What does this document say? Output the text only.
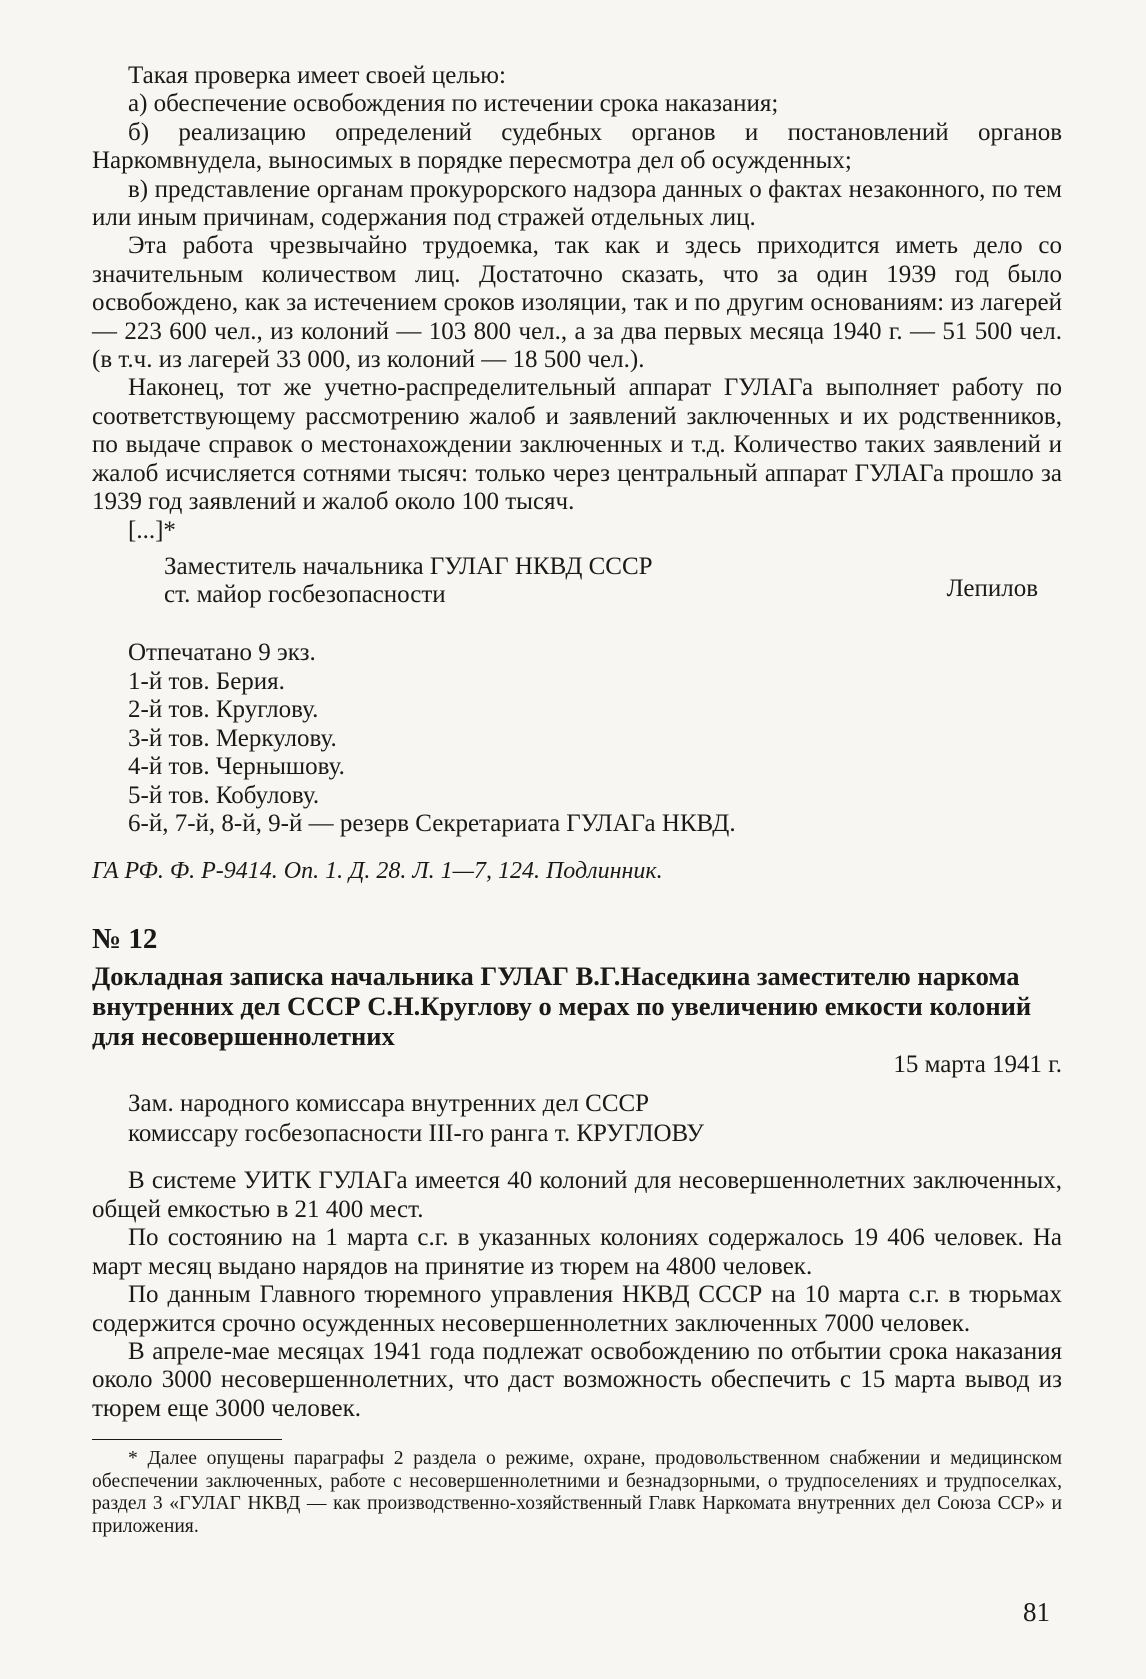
Такая проверка имеет своей целью:

а) обеспечение освобождения по истечении срока наказания;

б) реализацию определений судебных органов и постановлений органов Наркомвнудела, выносимых в порядке пересмотра дел об осужденных;

в) представление органам прокурорского надзора данных о фактах незаконного, по тем или иным причинам, содержания под стражей отдельных лиц.

Эта работа чрезвычайно трудоемка, так как и здесь приходится иметь дело со значительным количеством лиц. Достаточно сказать, что за один 1939 год было освобождено, как за истечением сроков изоляции, так и по другим основаниям: из лагерей — 223 600 чел., из колоний — 103 800 чел., а за два первых месяца 1940 г. — 51 500 чел. (в т.ч. из лагерей 33 000, из колоний — 18 500 чел.).

Наконец, тот же учетно-распределительный аппарат ГУЛАГа выполняет работу по соответствующему рассмотрению жалоб и заявлений заключенных и их родственников, по выдаче справок о местонахождении заключенных и т.д. Количество таких заявлений и жалоб исчисляется сотнями тысяч: только через центральный аппарат ГУЛАГа прошло за 1939 год заявлений и жалоб около 100 тысяч.

[...]*

Заместитель начальника ГУЛАГ НКВД СССР
ст. майор госбезопасности	Лепилов
Отпечатано 9 экз.
1-й тов. Берия.
2-й тов. Круглову.
3-й тов. Меркулову.
4-й тов. Чернышову.
5-й тов. Кобулову.
6-й, 7-й, 8-й, 9-й — резерв Секретариата ГУЛАГа НКВД.
ГА РФ. Ф. Р-9414. Оп. 1. Д. 28. Л. 1—7, 124. Подлинник.
№ 12
Докладная записка начальника ГУЛАГ В.Г.Наседкина заместителю наркома внутренних дел СССР С.Н.Круглову о мерах по увеличению емкости колоний для несовершеннолетних
15 марта 1941 г.
Зам. народного комиссара внутренних дел СССР
комиссару госбезопасности III-го ранга т. КРУГЛОВУ

В системе УИТК ГУЛАГа имеется 40 колоний для несовершеннолетних заключенных, общей емкостью в 21 400 мест.

По состоянию на 1 марта с.г. в указанных колониях содержалось 19 406 человек. На март месяц выдано нарядов на принятие из тюрем на 4800 человек.

По данным Главного тюремного управления НКВД СССР на 10 марта с.г. в тюрьмах содержится срочно осужденных несовершеннолетних заключенных 7000 человек.

В апреле-мае месяцах 1941 года подлежат освобождению по отбытии срока наказания около 3000 несовершеннолетних, что даст возможность обеспечить с 15 марта вывод из тюрем еще 3000 человек.

* Далее опущены параграфы 2 раздела о режиме, охране, продовольственном снабжении и медицинском обеспечении заключенных, работе с несовершеннолетними и безнадзорными, о трудпоселениях и трудпоселках, раздел 3 «ГУЛАГ НКВД — как производственно-хозяйственный Главк Наркомата внутренних дел Союза ССР» и приложения.

81
